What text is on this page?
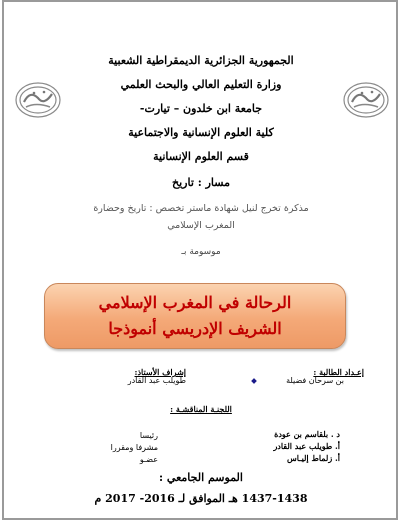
الجمهورية الجزائرية الديمقراطية الشعبية
وزارة التعليم العالي والبحث العلمي
جامعة ابن خلدون – تيارت-
كلية العلوم الإنسانية والاجتماعية
قسم العلوم الإنسانية
مسار : تاريخ
مذكرة تخرج لنيل شهادة ماستر تخصص : تاريخ وحضارة
المغرب الإسلامي
موسومة بـ
الرحالة في المغرب الإسلامي
الشريف الإدريسي أنموذجا
إعـداد الطالبة :
بن سرحان فضيلة
إشراف الأستاذ:
طويلب عبد القادر
اللجنـة المناقشـة :
د . بلقاسم بن عودة
أ. طويلب عبد القادر
أ. زلماط إليـاس
رئيسا
مشرفا ومقررا
عضـو
الموسم الجامعي :
1437-1438 هـ الموافق لـ 2016- 2017 م
